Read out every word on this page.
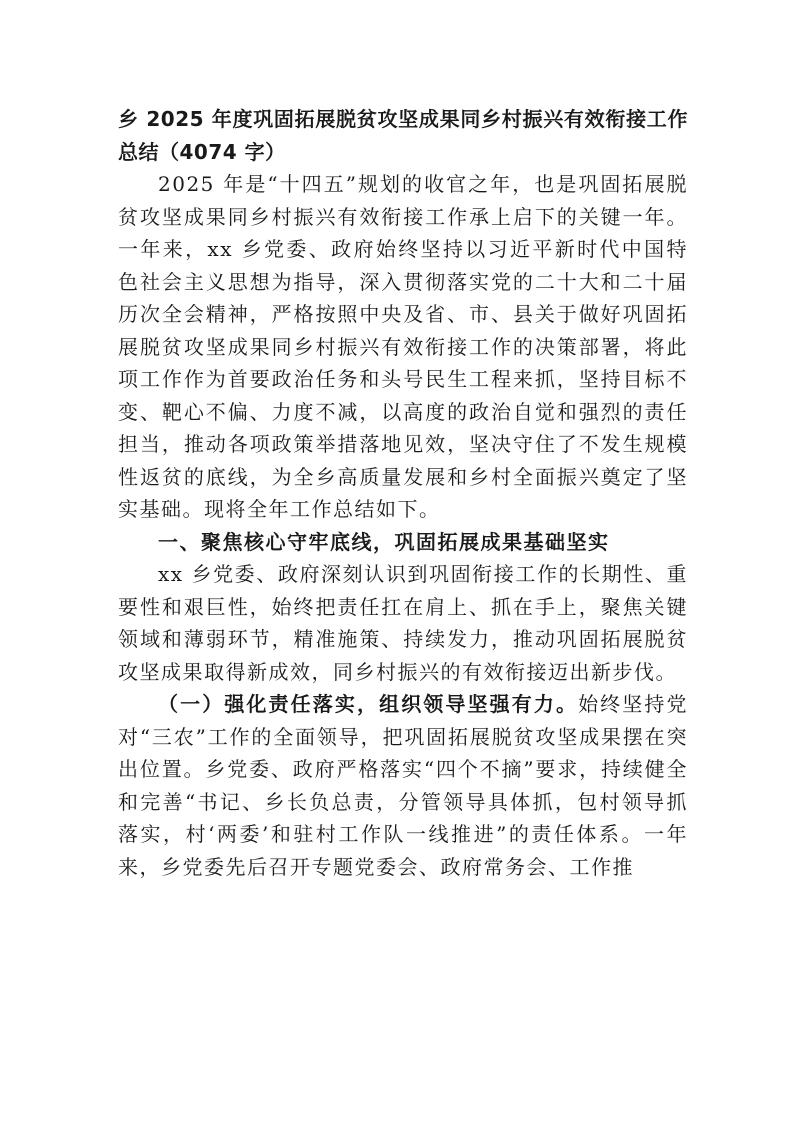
乡 2025 年度巩固拓展脱贫攻坚成果同乡村振兴有效衔接工作总结（4074 字）

2025 年是“十四五”规划的收官之年，也是巩固拓展脱贫攻坚成果同乡村振兴有效衔接工作承上启下的关键一年。一年来，xx 乡党委、政府始终坚持以习近平新时代中国特色社会主义思想为指导，深入贯彻落实党的二十大和二十届历次全会精神，严格按照中央及省、市、县关于做好巩固拓展脱贫攻坚成果同乡村振兴有效衔接工作的决策部署，将此项工作作为首要政治任务和头号民生工程来抓，坚持目标不变、靶心不偏、力度不减，以高度的政治自觉和强烈的责任担当，推动各项政策举措落地见效，坚决守住了不发生规模性返贫的底线，为全乡高质量发展和乡村全面振兴奠定了坚实基础。现将全年工作总结如下。

一、聚焦核心守牢底线，巩固拓展成果基础坚实

xx 乡党委、政府深刻认识到巩固衔接工作的长期性、重要性和艰巨性，始终把责任扛在肩上、抓在手上，聚焦关键领域和薄弱环节，精准施策、持续发力，推动巩固拓展脱贫攻坚成果取得新成效，同乡村振兴的有效衔接迈出新步伐。

（一）强化责任落实，组织领导坚强有力。始终坚持党对“三农”工作的全面领导，把巩固拓展脱贫攻坚成果摆在突出位置。乡党委、政府严格落实“四个不摘”要求，持续健全和完善“书记、乡长负总责，分管领导具体抓，包村领导抓落实，村‘两委’和驻村工作队一线推进”的责任体系。一年来，乡党委先后召开专题党委会、政府常务会、工作推
